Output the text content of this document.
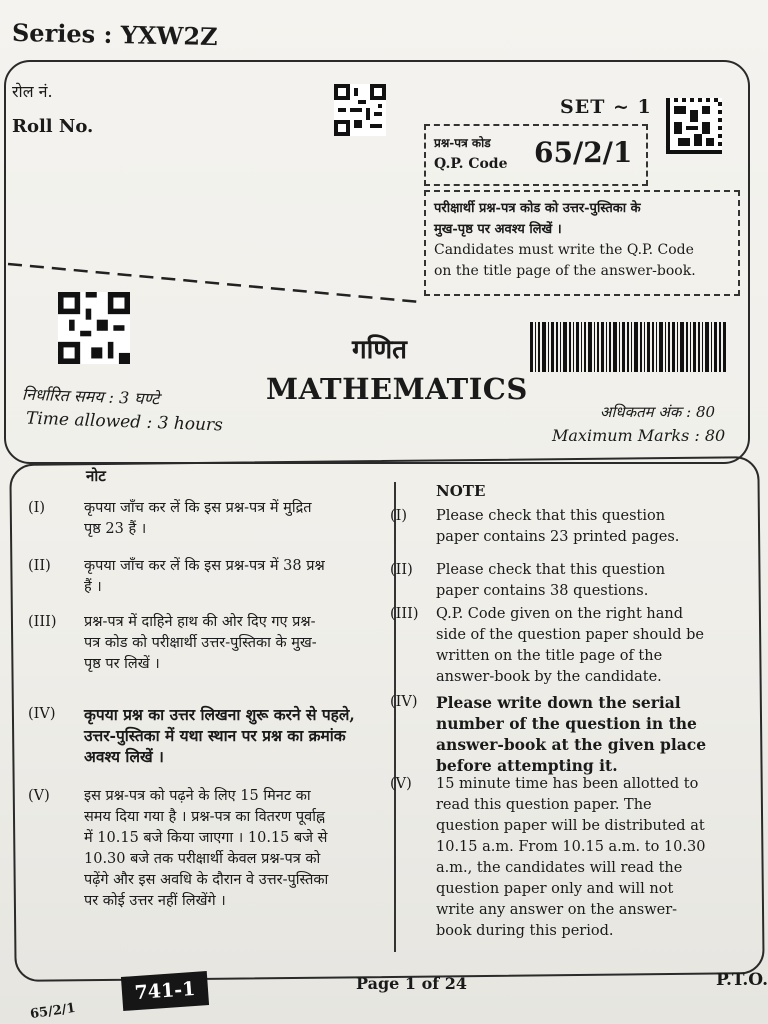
Series : YXW2Z
रोल नं.
Roll No.
SET ~ 1
प्रश्न-पत्र कोड
Q.P. Code 65/2/1
परीक्षार्थी प्रश्न-पत्र कोड को उत्तर-पुस्तिका के
मुख-पृष्ठ पर अवश्य लिखें ।
Candidates must write the Q.P. Code
on the title page of the answer-book.
गणित
MATHEMATICS
निर्धारित समय : 3 घण्टे
Time allowed : 3 hours	अधिकतम अंक : 80
Maximum Marks : 80
नोट
NOTE
(I)	कृपया जाँच कर लें कि इस प्रश्न-पत्र में मुद्रित
पृष्ठ 23 हैं ।
(II) कृपया जाँच कर लें कि इस प्रश्न-पत्र में 38 प्रश्न
हैं ।
(III) प्रश्न-पत्र में दाहिने हाथ की ओर दिए गए प्रश्न-
पत्र कोड को परीक्षार्थी उत्तर-पुस्तिका के मुख-
पृष्ठ पर लिखें ।
(IV) कृपया प्रश्न का उत्तर लिखना शुरू करने से पहले,
उत्तर-पुस्तिका में यथा स्थान पर प्रश्न का क्रमांक
अवश्य लिखें ।
(V) इस प्रश्न-पत्र को पढ़ने के लिए 15 मिनट का
समय दिया गया है । प्रश्न-पत्र का वितरण पूर्वाह्न
में 10.15 बजे किया जाएगा । 10.15 बजे से
10.30 बजे तक परीक्षार्थी केवल प्रश्न-पत्र को
पढ़ेंगे और इस अवधि के दौरान वे उत्तर-पुस्तिका
पर कोई उत्तर नहीं लिखेंगे ।
(I) Please check that this question
paper contains 23 printed pages.
(II) Please check that this question
paper contains 38 questions.
(III) Q.P. Code given on the right hand
side of the question paper should be
written on the title page of the
answer-book by the candidate.
(IV) Please write down the serial
number of the question in the
answer-book at the given place
before attempting it.
(V) 15 minute time has been allotted to
read this question paper. The
question paper will be distributed at
10.15 a.m. From 10.15 a.m. to 10.30
a.m., the candidates will read the
question paper only and will not
write any answer on the answer-
book during this period.
Page 1 of 24	P.T.O.
65/2/1
741-1
